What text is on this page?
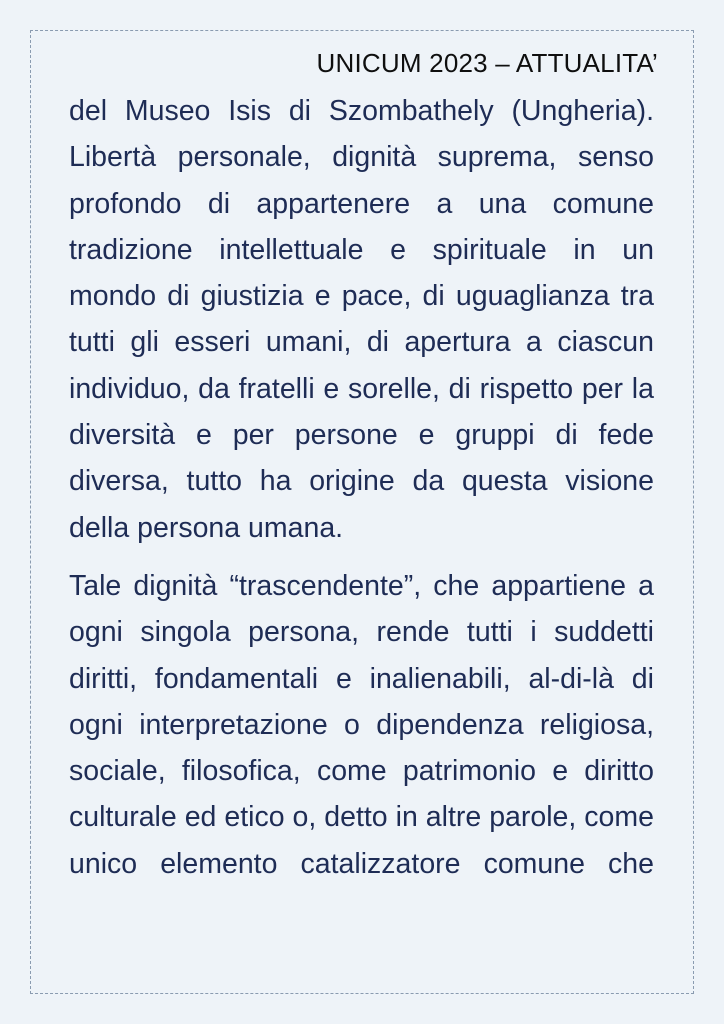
UNICUM 2023 – ATTUALITA’

del Museo Isis di Szombathely (Ungheria). Libertà personale, dignità suprema, senso profondo di appartenere a una comune tradizione intellettuale e spirituale in un mondo di giustizia e pace, di uguaglianza tra tutti gli esseri umani, di apertura a ciascun individuo, da fratelli e sorelle, di rispetto per la diversità e per persone e gruppi di fede diversa, tutto ha origine da questa visione della persona umana.

Tale dignità “trascendente”, che appartiene a ogni singola persona, rende tutti i suddetti diritti, fondamentali e inalienabili, al-di-là di ogni interpretazione o dipendenza religiosa, sociale, filosofica, come patrimonio e diritto culturale ed etico o, detto in altre parole, come unico elemento catalizzatore comune che
